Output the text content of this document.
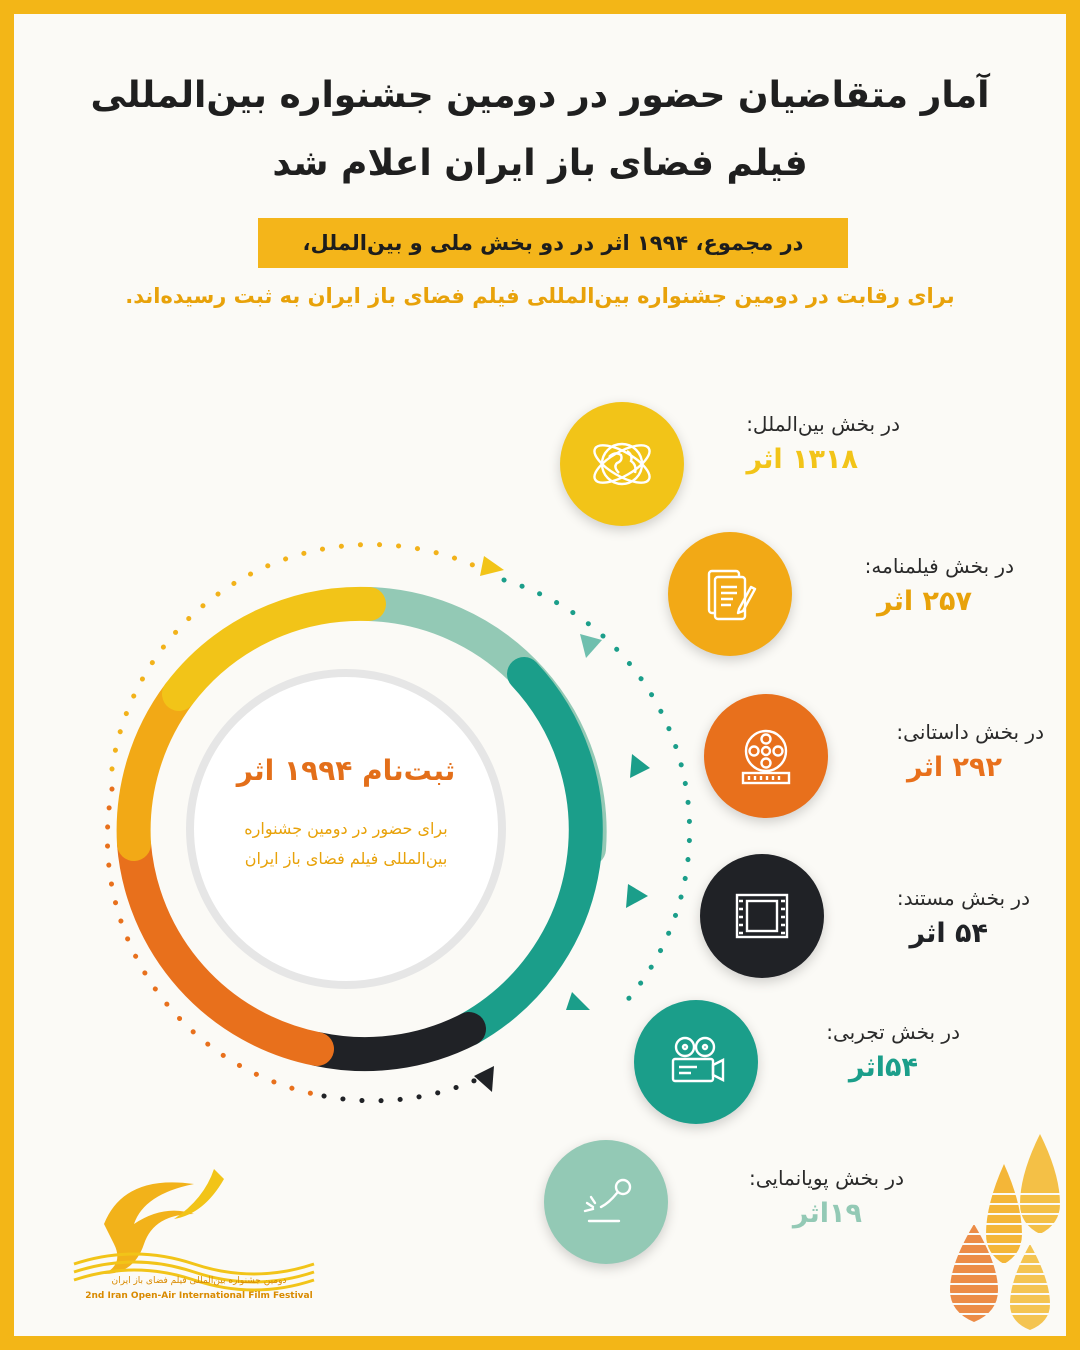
آمار متقاضیان حضور در دومین جشنواره بین‌المللی
فیلم فضای باز ایران اعلام شد
در مجموع، ۱۹۹۴ اثر در دو بخش ملی و بین‌الملل،
برای رقابت در دومین جشنواره بین‌المللی فیلم فضای باز ایران به ثبت رسیده‌اند.
ثبت‌نام ۱۹۹۴ اثر
برای حضور در دومین جشنواره
بین‌المللی فیلم فضای باز ایران
در بخش بین‌الملل:
۱۳۱۸ اثر
در بخش فیلمنامه:
۲۵۷ اثر
در بخش داستانی:
۲۹۲ اثر
در بخش مستند:
۵۴ اثر
در بخش تجربی:
۵۴اثر
در بخش پویانمایی:
۱۹اثر
دومین جشنواره بین‌المللی فیلم فضای باز ایران
2nd Iran Open-Air International Film Festival
